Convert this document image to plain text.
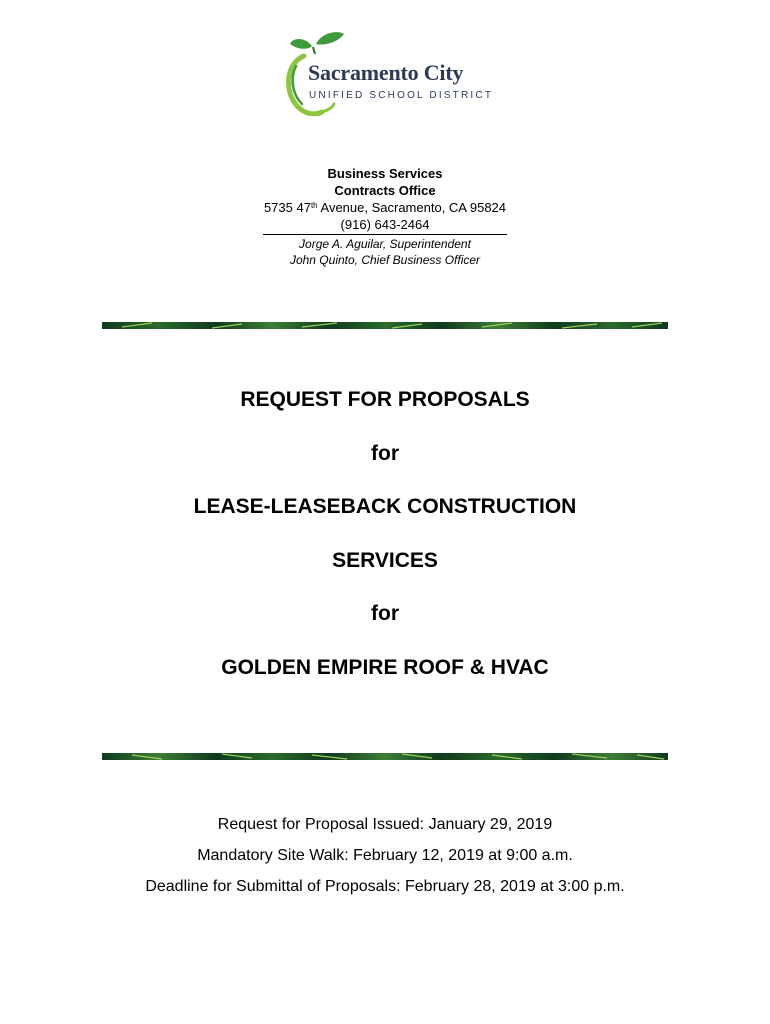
Sacramento City
UNIFIED SCHOOL DISTRICT
Business Services
Contracts Office
5735 47th Avenue, Sacramento, CA 95824
(916) 643-2464
Jorge A. Aguilar, Superintendent
John Quinto, Chief Business Officer
REQUEST FOR PROPOSALS
for
LEASE-LEASEBACK CONSTRUCTION
SERVICES
for
GOLDEN EMPIRE ROOF & HVAC
Request for Proposal Issued: January 29, 2019
Mandatory Site Walk: February 12, 2019 at 9:00 a.m.
Deadline for Submittal of Proposals: February 28, 2019 at 3:00 p.m.
